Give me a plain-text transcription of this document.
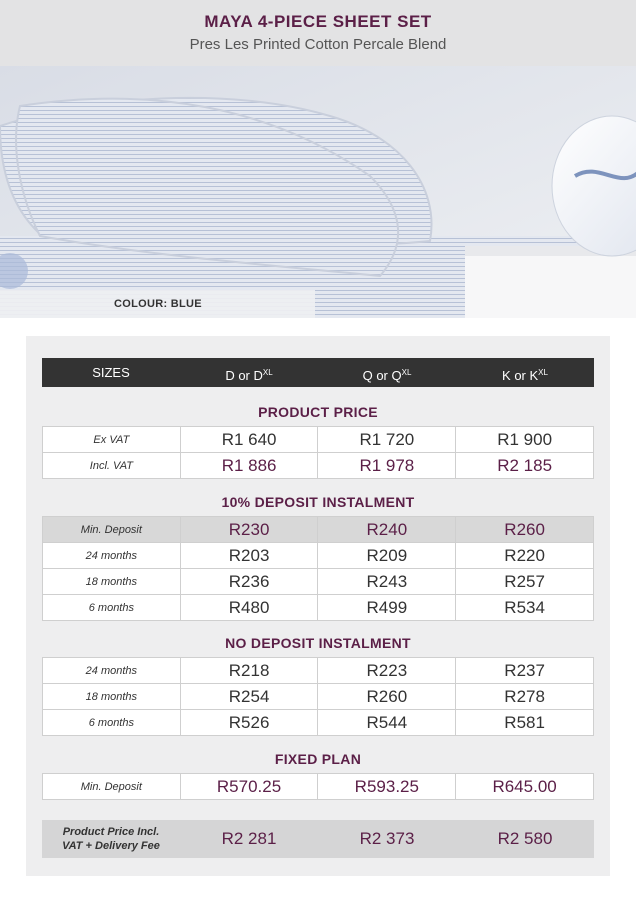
MAYA 4-PIECE SHEET SET
Pres Les Printed Cotton Percale Blend
COLOUR: BLUE
SIZES	D or $D^{XL}$	Q or $Q^{XL}$	K or $K^{XL}$
PRODUCT PRICE
Ex VAT	R1 640	R1 720	R1 900
Incl. VAT	R1 886	R1 978	R2 185
10% DEPOSIT INSTALMENT
Min. Deposit	R230	R240	R260
24 months	R203	R209	R220
18 months	R236	R243	R257
6 months	R480	R499	R534
NO DEPOSIT INSTALMENT
24 months	R218	R223	R237
18 months	R254	R260	R278
6 months	R526	R544	R581
FIXED PLAN
Min. Deposit	R570.25	R593.25	R645.00
Product Price Incl.
VAT + Delivery Fee	R2 281	R2 373	R2 580
